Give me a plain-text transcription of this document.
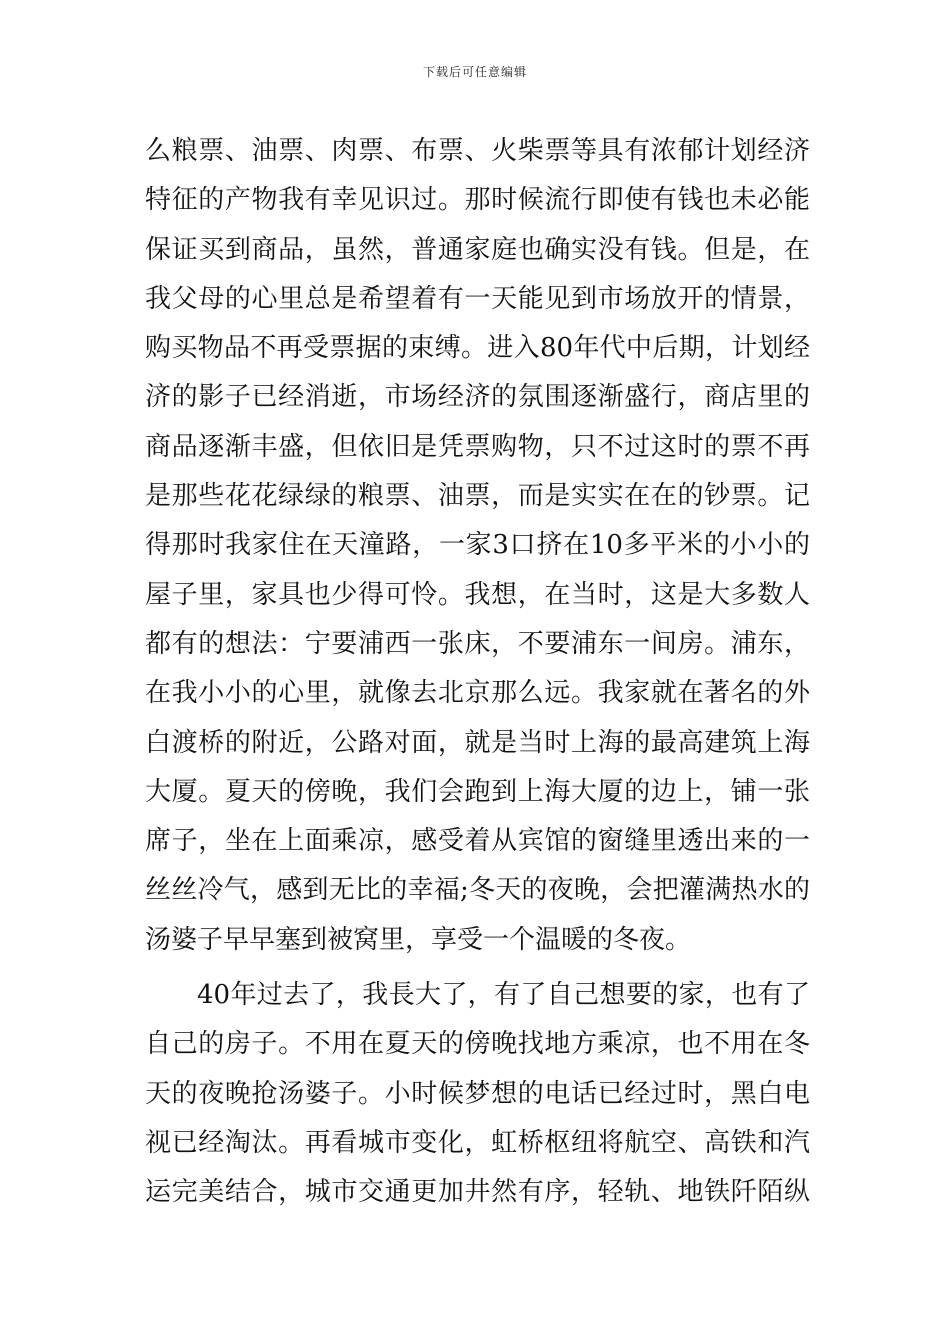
下载后可任意编辑
么粮票、油票、肉票、布票、火柴票等具有浓郁计划经济
特征的产物我有幸见识过。那时候流行即使有钱也未必能
保证买到商品，虽然，普通家庭也确实没有钱。但是，在
我父母的心里总是希望着有一天能见到市场放开的情景，
购买物品不再受票据的束缚。进入80年代中后期，计划经
济的影子已经消逝，市场经济的氛围逐渐盛行，商店里的
商品逐渐丰盛，但依旧是凭票购物，只不过这时的票不再
是那些花花绿绿的粮票、油票，而是实实在在的钞票。记
得那时我家住在天潼路，一家3口挤在10多平米的小小的
屋子里，家具也少得可怜。我想，在当时，这是大多数人
都有的想法：宁要浦西一张床，不要浦东一间房。浦东，
在我小小的心里，就像去北京那么远。我家就在著名的外
白渡桥的附近，公路对面，就是当时上海的最高建筑上海
大厦。夏天的傍晚，我们会跑到上海大厦的边上，铺一张
席子，坐在上面乘凉，感受着从宾馆的窗缝里透出来的一
丝丝冷气，感到无比的幸福;冬天的夜晚，会把灌满热水的
汤婆子早早塞到被窝里，享受一个温暖的冬夜。
40年过去了，我長大了，有了自己想要的家，也有了
自己的房子。不用在夏天的傍晚找地方乘凉，也不用在冬
天的夜晚抢汤婆子。小时候梦想的电话已经过时，黑白电
视已经淘汰。再看城市变化，虹桥枢纽将航空、高铁和汽
运完美结合，城市交通更加井然有序，轻轨、地铁阡陌纵
